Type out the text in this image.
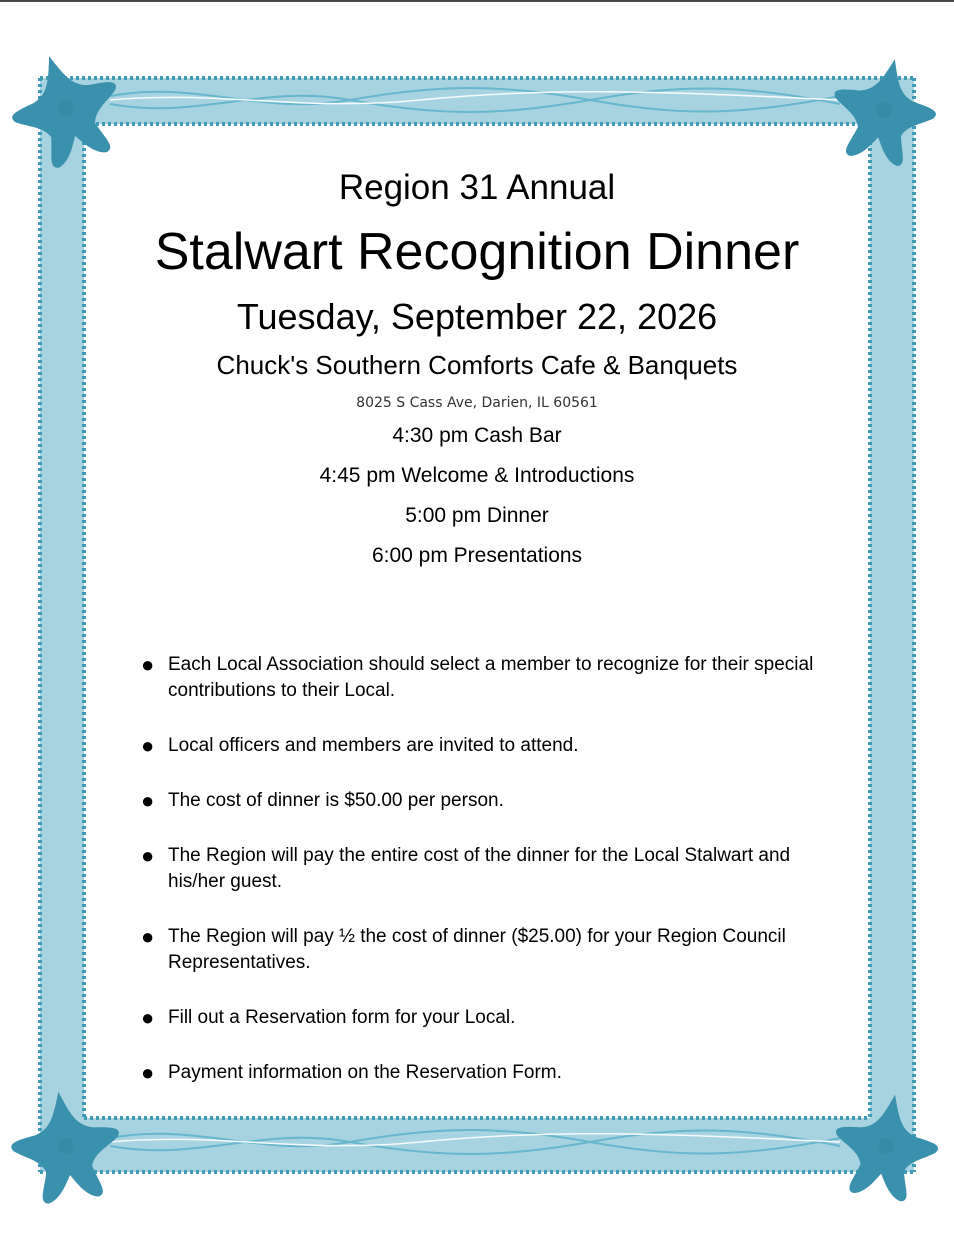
Region 31 Annual

Stalwart Recognition Dinner

Tuesday, September 22, 2026

Chuck's Southern Comforts Cafe & Banquets

8025 S Cass Ave, Darien, IL 60561

4:30 pm Cash Bar
4:45 pm Welcome & Introductions
5:00 pm Dinner
6:00 pm Presentations
● Each Local Association should select a member to recognize for their special contributions to their Local.
● Local officers and members are invited to attend.
● The cost of dinner is $50.00 per person.
● The Region will pay the entire cost of the dinner for the Local Stalwart and his/her guest.
● The Region will pay ½ the cost of dinner ($25.00) for your Region Council Representatives.
● Fill out a Reservation form for your Local.
● Payment information on the Reservation Form.
